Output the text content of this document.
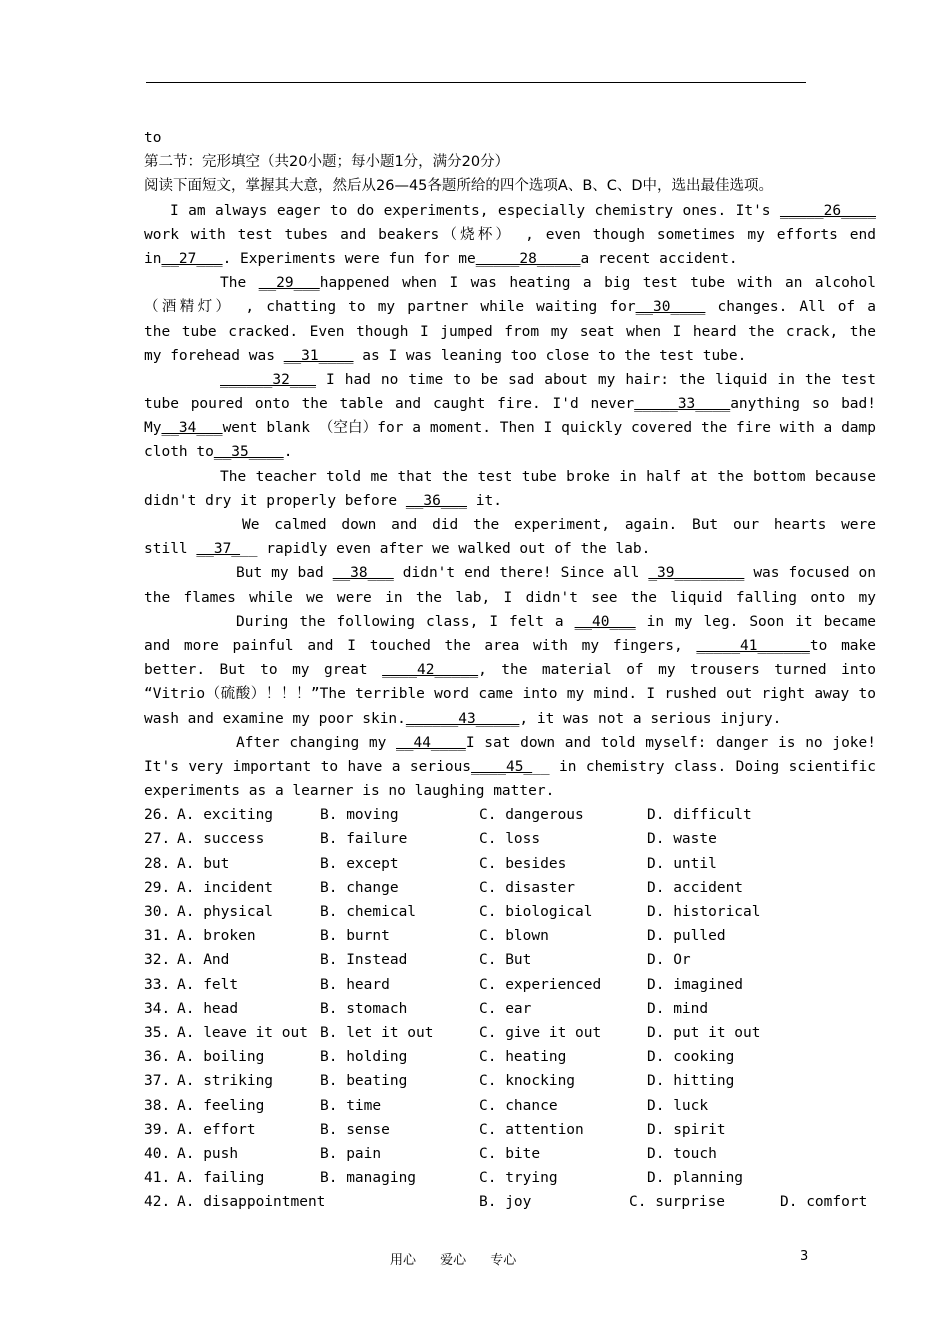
to
第二节：完形填空（共20小题；每小题1分，满分20分）
阅读下面短文，掌握其大意，然后从26—45各题所给的四个选项A、B、C、D中，选出最佳选项。
I am always eager to do experiments, especially chemistry ones. It's _____26____
work with test tubes and beakers（烧杯） , even though sometimes my efforts end
in__27___. Experiments were fun for me_____28_____a recent accident.
The __29___happened when I was heating a big test tube with an alcohol
（酒精灯） , chatting to my partner while waiting for__30____ changes. All of a
the tube cracked. Even though I jumped from my seat when I heard the crack, the
my forehead was __31____ as I was leaning too close to the test tube.
______32___ I had no time to be sad about my hair: the liquid in the test
tube poured onto the table and caught fire. I'd never_____33____anything so bad!
My__34___went blank （空白）for a moment. Then I quickly covered the fire with a damp
cloth to__35____.
The teacher told me that the test tube broke in half at the bottom because
didn't dry it properly before __36___ it.
We calmed down and did the experiment, again. But our hearts were
still __37___ rapidly even after we walked out of the lab.
But my bad __38___ didn't end there! Since all _39________ was focused on
the flames while we were in the lab, I didn't see the liquid falling onto my
During the following class, I felt a __40___ in my leg. Soon it became
and more painful and I touched the area with my fingers, _____41______to make
better. But to my great ____42_____, the material of my trousers turned into
“Vitrio（硫酸）！！！”The terrible word came into my mind. I rushed out right away to
wash and examine my poor skin.______43_____, it was not a serious injury.
After changing my __44____I sat down and told myself: danger is no joke!
It's very important to have a serious____45___ in chemistry class. Doing scientific
experiments as a learner is no laughing matter.
26. A. exciting	B. moving	C. dangerous	D. difficult
27. A. success	B. failure	C. loss	D. waste
28. A. but	B. except	C. besides	D. until
29. A. incident	B. change	C. disaster	D. accident
30. A. physical	B. chemical	C. biological	D. historical
31. A. broken	B. burnt	C. blown	D. pulled
32. A. And	B. Instead	C. But	D. Or
33. A. felt	B. heard	C. experienced	D. imagined
34. A. head	B. stomach	C. ear	D. mind
35. A. leave it out B. let it out	C. give it out	D. put it out
36. A. boiling	B. holding	C. heating	D. cooking
37. A. striking	B. beating	C. knocking	D. hitting
38. A. feeling	B. time	C. chance	D. luck
39. A. effort	B. sense	C. attention	D. spirit
40. A. push	B. pain	C. bite	D. touch
41. A. failing	B. managing	C. trying	D. planning
42. A. disappointment	B. joy	C. surprise	D. comfort
用心 爱心 专心	3
